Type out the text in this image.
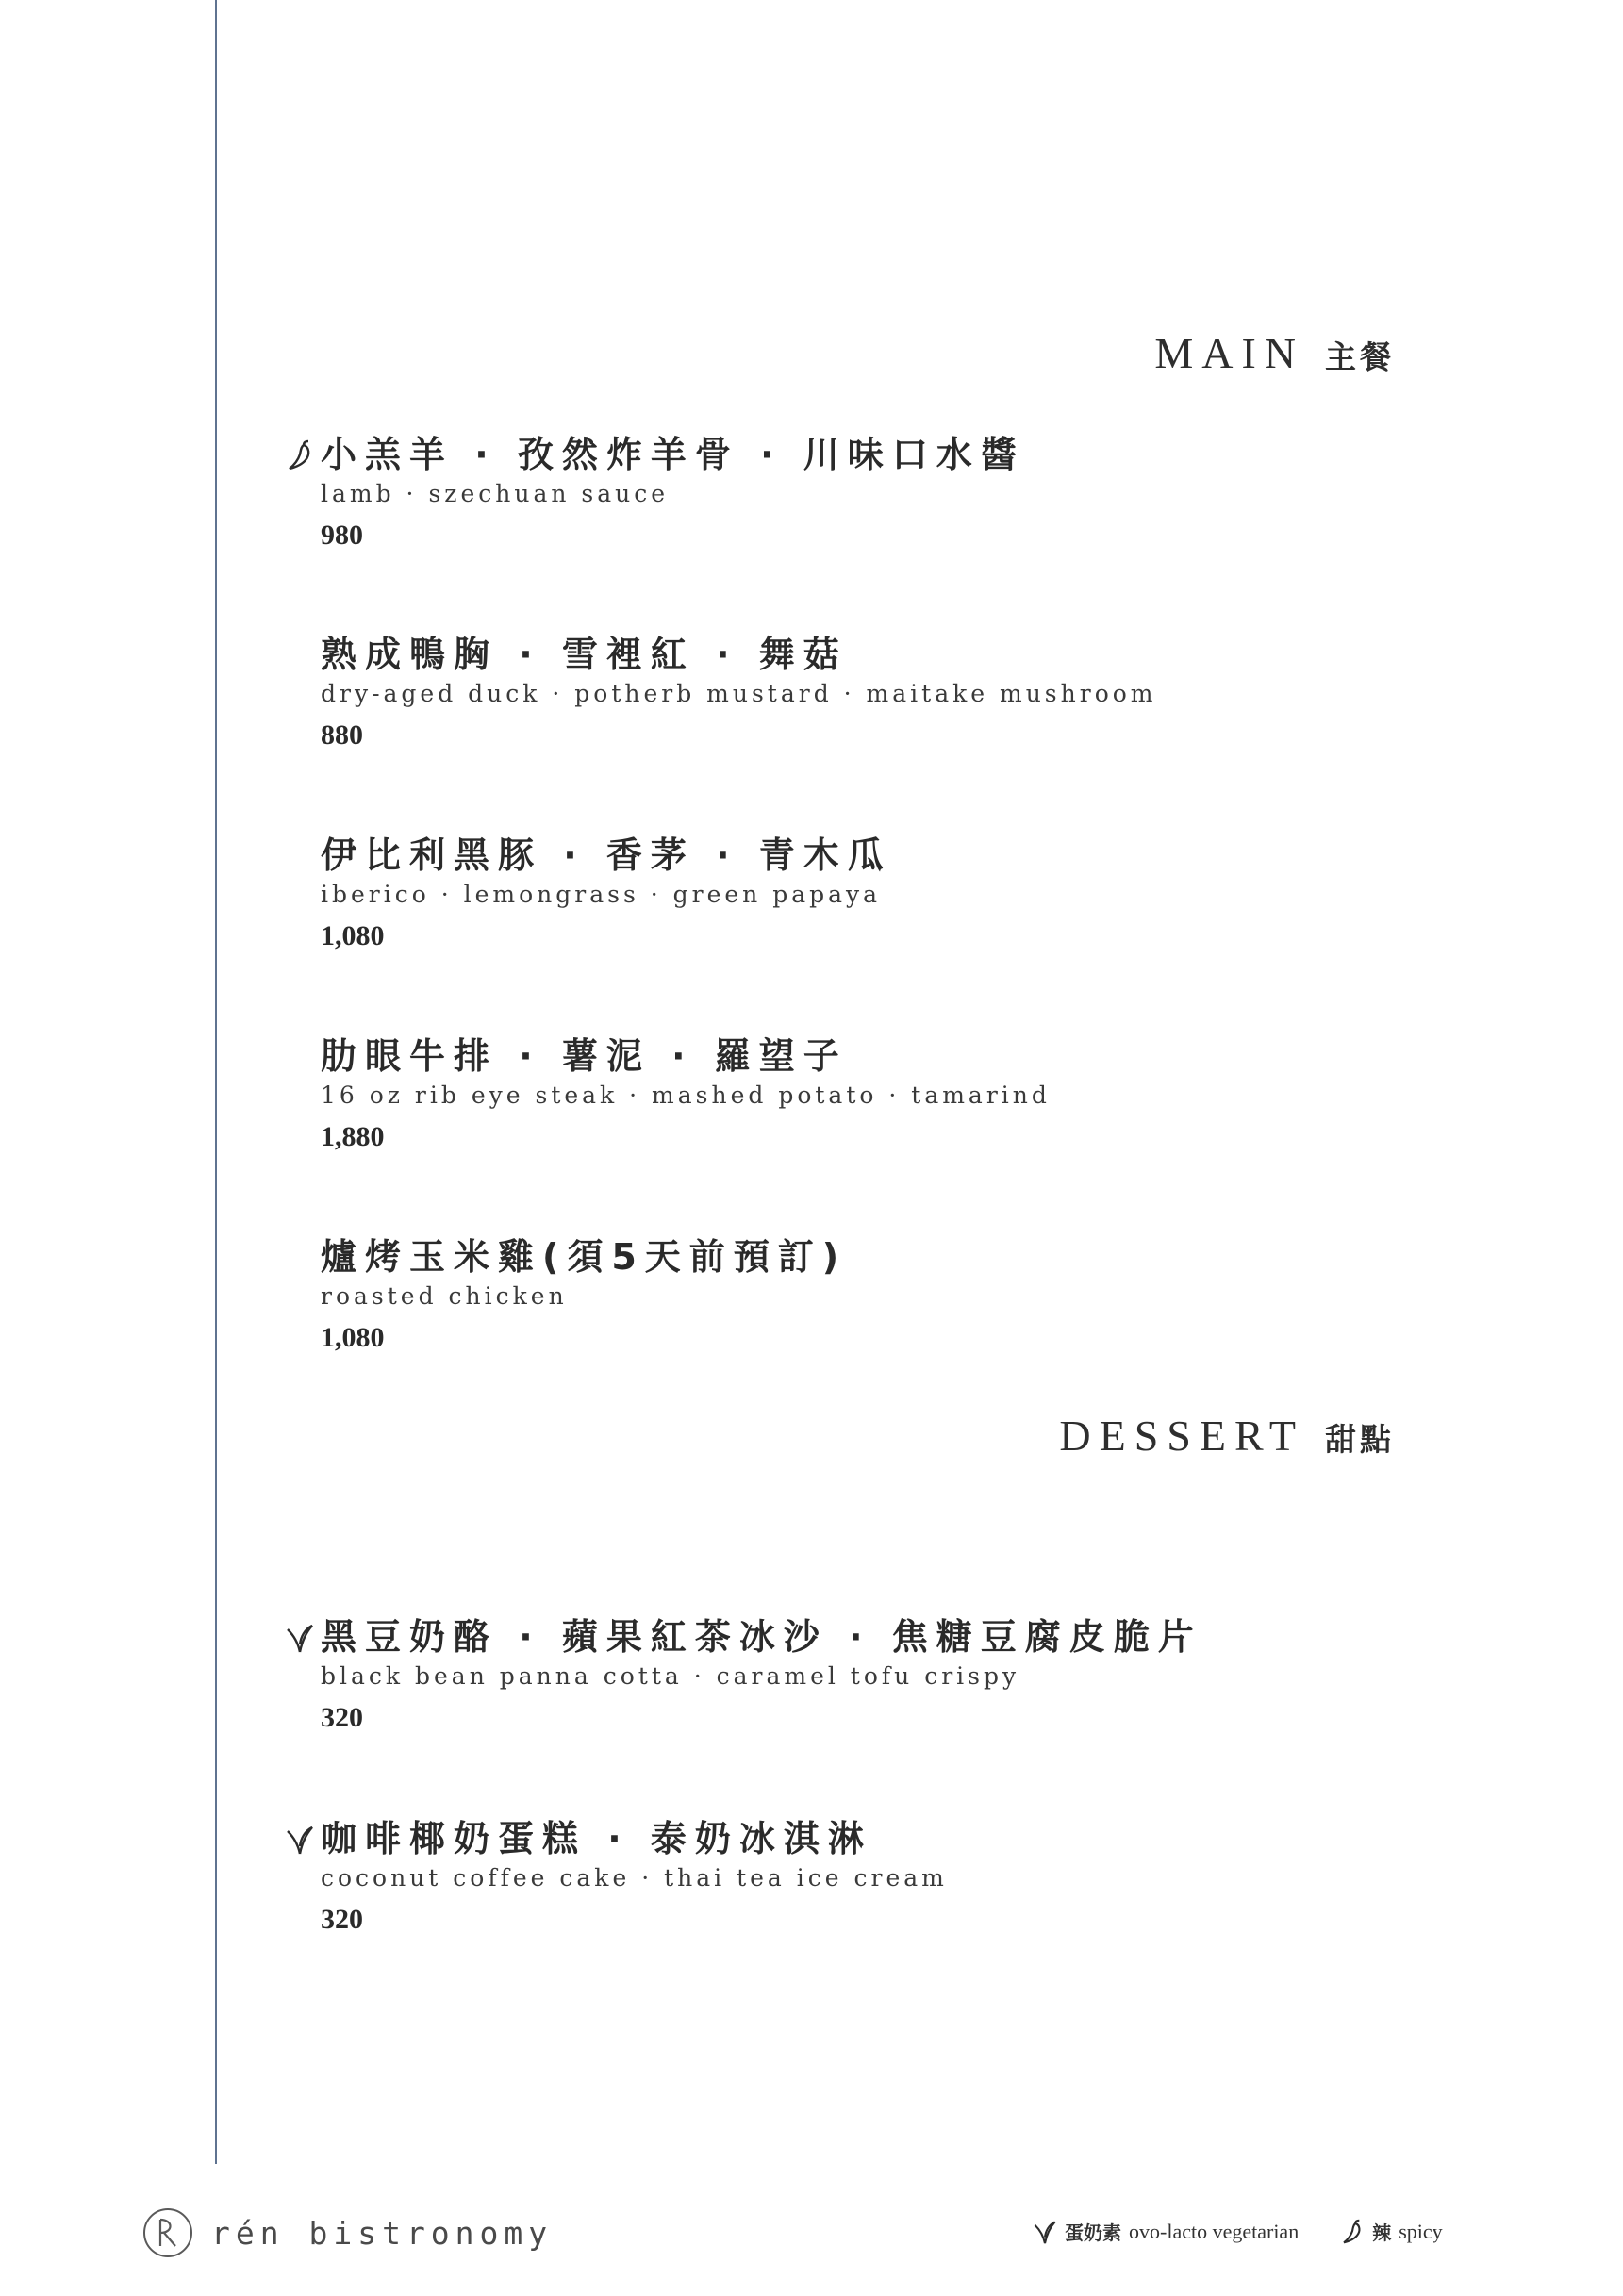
MAIN 主餐
小羔羊 · 孜然炸羊骨 · 川味口水醬
lamb · szechuan sauce
980
熟成鴨胸 · 雪裡紅 · 舞菇
dry-aged duck · potherb mustard · maitake mushroom
880
伊比利黑豚 · 香茅 · 青木瓜
iberico · lemongrass · green papaya
1,080
肋眼牛排 · 薯泥 · 羅望子
16 oz rib eye steak · mashed potato · tamarind
1,880
爐烤玉米雞(須5天前預訂)
roasted chicken
1,080
DESSERT 甜點
黑豆奶酪 · 蘋果紅茶冰沙 · 焦糖豆腐皮脆片
black bean panna cotta · caramel tofu crispy
320
咖啡椰奶蛋糕 · 泰奶冰淇淋
coconut coffee cake · thai tea ice cream
320
rén bistronomy	蛋奶素 ovo-lacto vegetarian	辣 spicy
